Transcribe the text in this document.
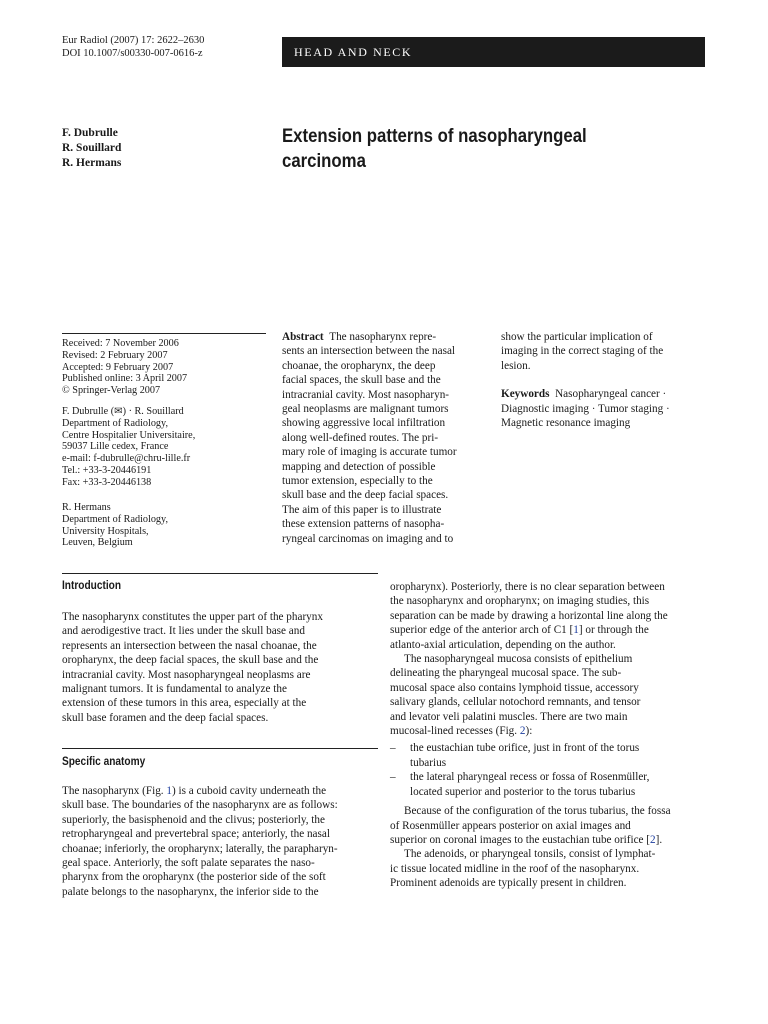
Eur Radiol (2007) 17: 2622–2630
DOI 10.1007/s00330-007-0616-z	HEAD AND NECK
F. Dubrulle
R. Souillard
R. Hermans
Extension patterns of nasopharyngeal
carcinoma
Received: 7 November 2006
Revised: 2 February 2007
Accepted: 9 February 2007
Published online: 3 April 2007
© Springer-Verlag 2007
F. Dubrulle (✉) · R. Souillard
Department of Radiology,
Centre Hospitalier Universitaire,
59037 Lille cedex, France
e-mail: f-dubrulle@chru-lille.fr
Tel.: +33-3-20446191
Fax: +33-3-20446138
R. Hermans
Department of Radiology,
University Hospitals,
Leuven, Belgium
Abstract The nasopharynx repre-
sents an intersection between the nasal
choanae, the oropharynx, the deep
facial spaces, the skull base and the
intracranial cavity. Most nasopharyn-
geal neoplasms are malignant tumors
showing aggressive local infiltration
along well-defined routes. The pri-
mary role of imaging is accurate tumor
mapping and detection of possible
tumor extension, especially to the
skull base and the deep facial spaces.
The aim of this paper is to illustrate
these extension patterns of nasopha-
ryngeal carcinomas on imaging and to
show the particular implication of
imaging in the correct staging of the
lesion.
Keywords Nasopharyngeal cancer ·
Diagnostic imaging · Tumor staging ·
Magnetic resonance imaging
Introduction
The nasopharynx constitutes the upper part of the pharynx
and aerodigestive tract. It lies under the skull base and
represents an intersection between the nasal choanae, the
oropharynx, the deep facial spaces, the skull base and the
intracranial cavity. Most nasopharyngeal neoplasms are
malignant tumors. It is fundamental to analyze the
extension of these tumors in this area, especially at the
skull base foramen and the deep facial spaces.
Specific anatomy
The nasopharynx (Fig. 1) is a cuboid cavity underneath the
skull base. The boundaries of the nasopharynx are as follows:
superiorly, the basisphenoid and the clivus; posteriorly, the
retropharyngeal and prevertebral space; anteriorly, the nasal
choanae; inferiorly, the oropharynx; laterally, the parapharyn-
geal space. Anteriorly, the soft palate separates the naso-
pharynx from the oropharynx (the posterior side of the soft
palate belongs to the nasopharynx, the inferior side to the
oropharynx). Posteriorly, there is no clear separation between
the nasopharynx and oropharynx; on imaging studies, this
separation can be made by drawing a horizontal line along the
superior edge of the anterior arch of C1 [1] or through the
atlanto-axial articulation, depending on the author.
The nasopharyngeal mucosa consists of epithelium
delineating the pharyngeal mucosal space. The sub-
mucosal space also contains lymphoid tissue, accessory
salivary glands, cellular notochord remnants, and tensor
and levator veli palatini muscles. There are two main
mucosal-lined recesses (Fig. 2):
– the eustachian tube orifice, just in front of the torus
tubarius
– the lateral pharyngeal recess or fossa of Rosenmüller,
located superior and posterior to the torus tubarius
Because of the configuration of the torus tubarius, the fossa
of Rosenmüller appears posterior on axial images and
superior on coronal images to the eustachian tube orifice [2].
The adenoids, or pharyngeal tonsils, consist of lymphat-
ic tissue located midline in the roof of the nasopharynx.
Prominent adenoids are typically present in children.
